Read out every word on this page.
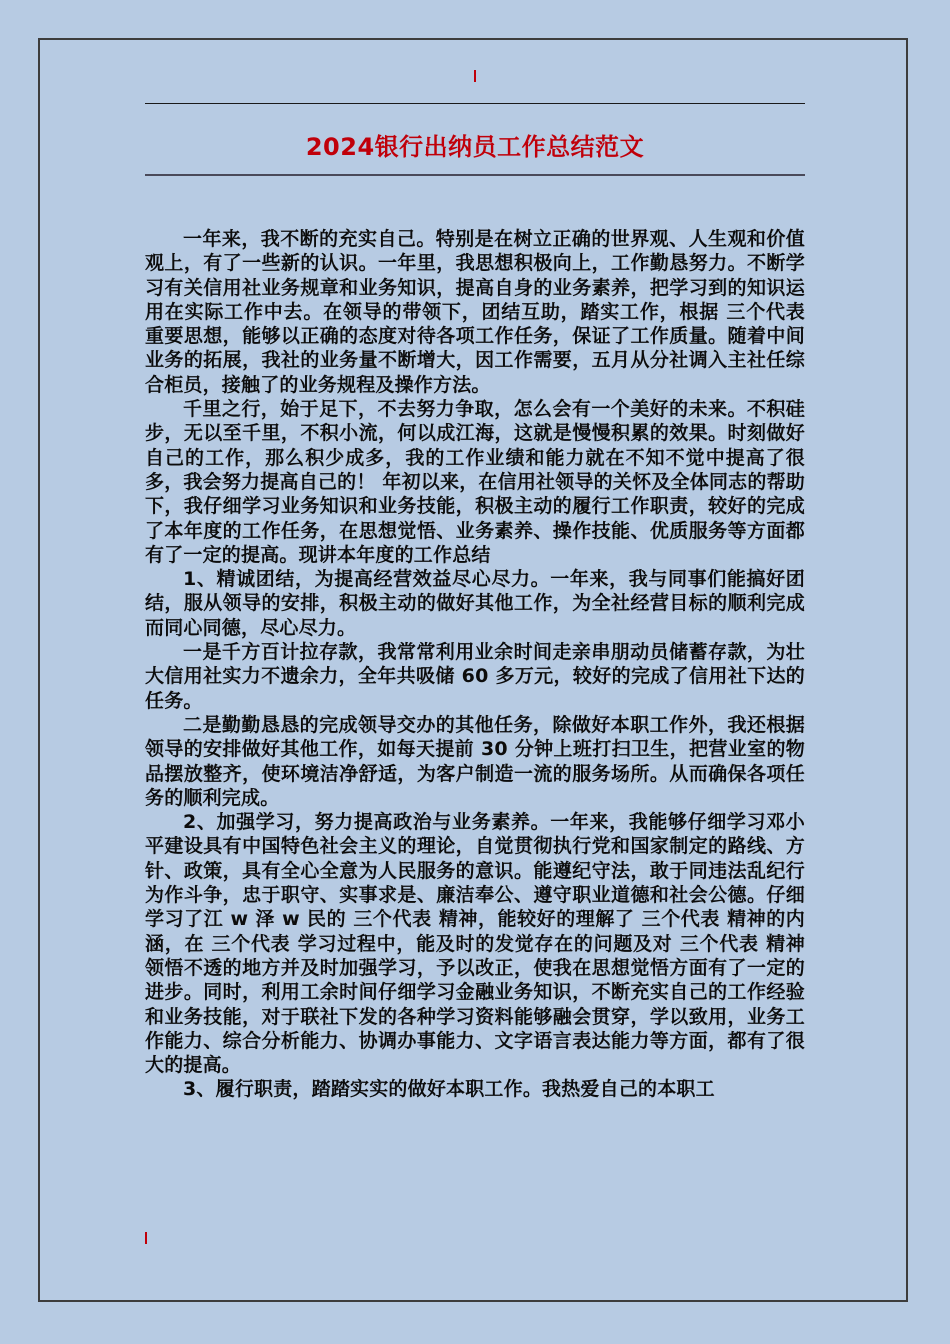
2024银行出纳员工作总结范文

一年来，我不断的充实自己。特别是在树立正确的世界观、人生观和价值观上，有了一些新的认识。一年里，我思想积极向上，工作勤恳努力。不断学习有关信用社业务规章和业务知识，提高自身的业务素养，把学习到的知识运用在实际工作中去。在领导的带领下，团结互助，踏实工作，根据 三个代表 重要思想，能够以正确的态度对待各项工作任务，保证了工作质量。随着中间业务的拓展，我社的业务量不断增大，因工作需要，五月从分社调入主社任综合柜员，接触了的业务规程及操作方法。

千里之行，始于足下，不去努力争取，怎么会有一个美好的未来。不积硅步，无以至千里，不积小流，何以成江海，这就是慢慢积累的效果。时刻做好自己的工作，那么积少成多，我的工作业绩和能力就在不知不觉中提高了很多，我会努力提高自己的！ 年初以来，在信用社领导的关怀及全体同志的帮助下，我仔细学习业务知识和业务技能，积极主动的履行工作职责，较好的完成了本年度的工作任务，在思想觉悟、业务素养、操作技能、优质服务等方面都有了一定的提高。现讲本年度的工作总结

1、精诚团结，为提高经营效益尽心尽力。一年来，我与同事们能搞好团结，服从领导的安排，积极主动的做好其他工作，为全社经营目标的顺利完成而同心同德，尽心尽力。

一是千方百计拉存款，我常常利用业余时间走亲串朋动员储蓄存款，为壮大信用社实力不遗余力，全年共吸储 60 多万元，较好的完成了信用社下达的任务。

二是勤勤恳恳的完成领导交办的其他任务，除做好本职工作外，我还根据领导的安排做好其他工作，如每天提前 30 分钟上班打扫卫生，把营业室的物品摆放整齐，使环境洁净舒适，为客户制造一流的服务场所。从而确保各项任务的顺利完成。

2、加强学习，努力提高政治与业务素养。一年来，我能够仔细学习邓小平建设具有中国特色社会主义的理论，自觉贯彻执行党和国家制定的路线、方针、政策，具有全心全意为人民服务的意识。能遵纪守法，敢于同违法乱纪行为作斗争，忠于职守、实事求是、廉洁奉公、遵守职业道德和社会公德。仔细学习了江 w 泽 w 民的 三个代表 精神，能较好的理解了 三个代表 精神的内涵，在 三个代表 学习过程中，能及时的发觉存在的问题及对 三个代表 精神领悟不透的地方并及时加强学习，予以改正，使我在思想觉悟方面有了一定的进步。同时，利用工余时间仔细学习金融业务知识，不断充实自己的工作经验和业务技能，对于联社下发的各种学习资料能够融会贯穿，学以致用，业务工作能力、综合分析能力、协调办事能力、文字语言表达能力等方面，都有了很大的提高。

3、履行职责，踏踏实实的做好本职工作。我热爱自己的本职工
